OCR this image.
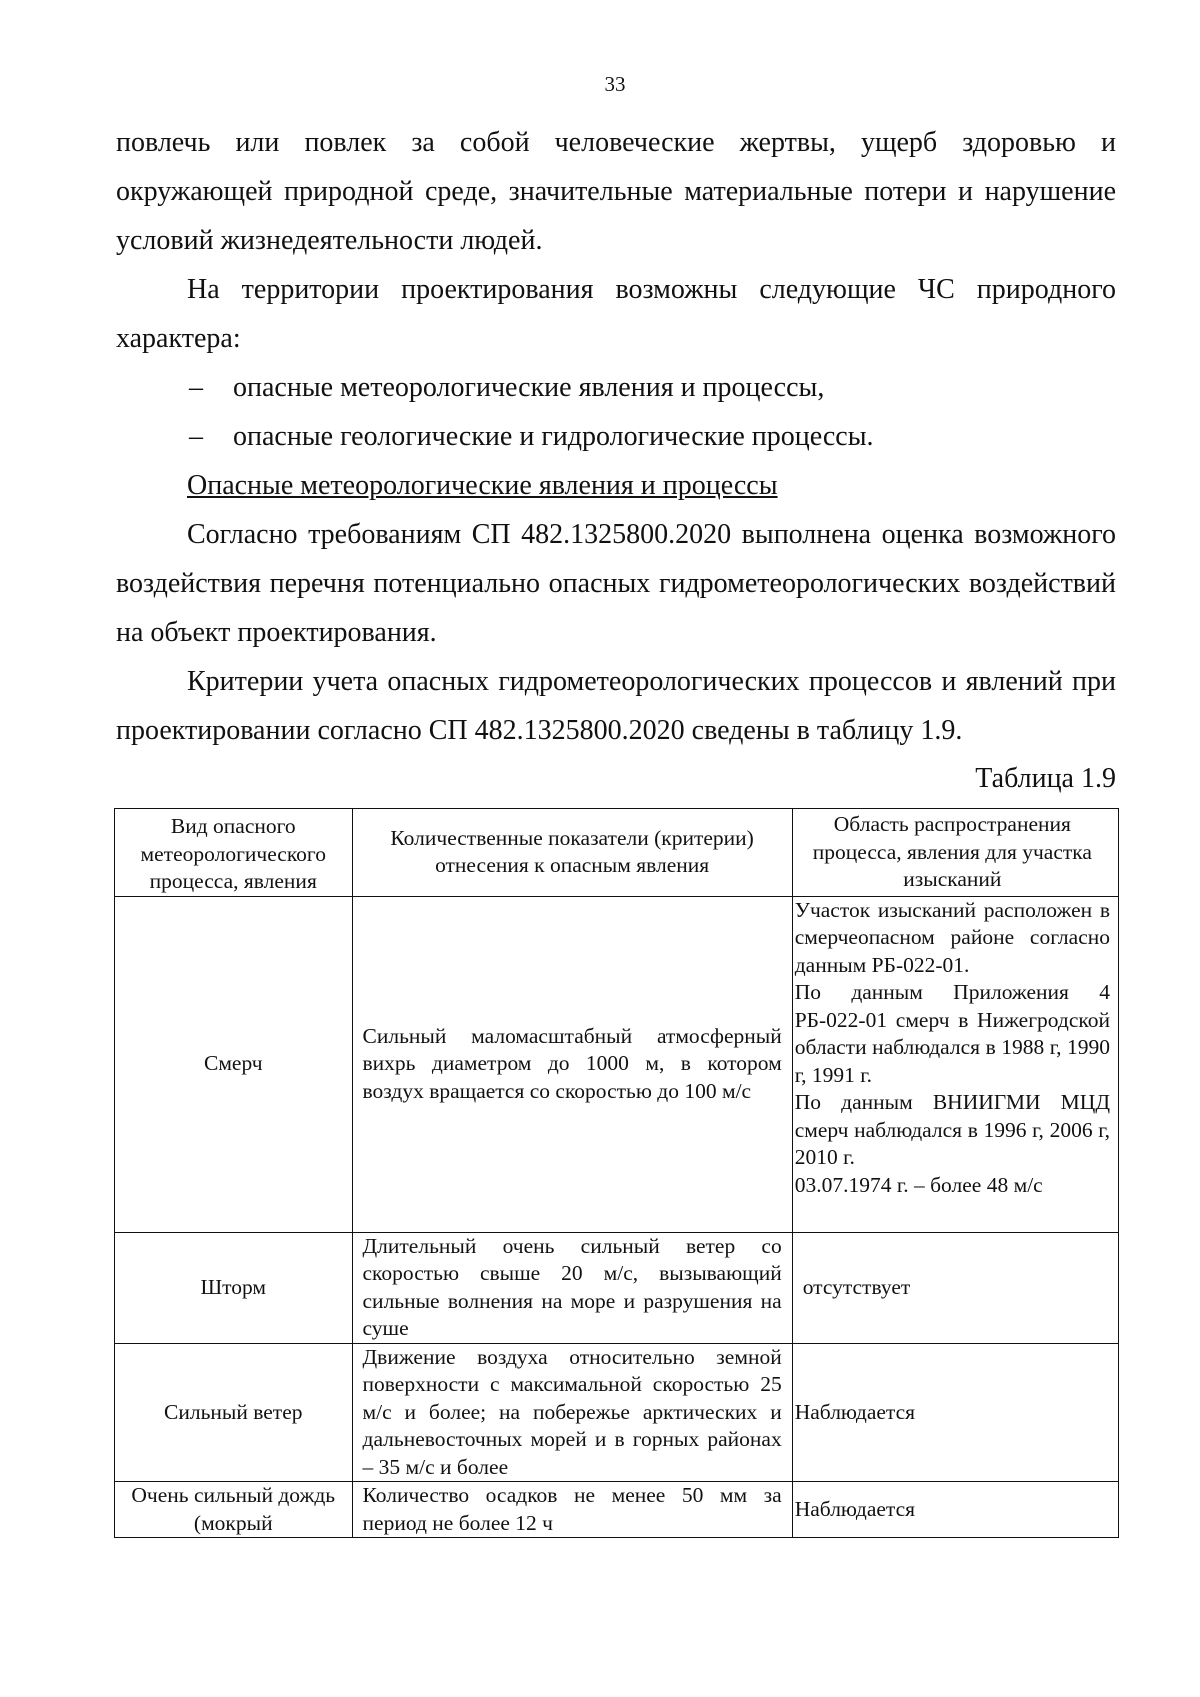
33

повлечь или повлек за собой человеческие жертвы, ущерб здоровью и окружающей природной среде, значительные материальные потери и нарушение условий жизнедеятельности людей.

На территории проектирования возможны следующие ЧС природного характера:

–	опасные метеорологические явления и процессы,
–	опасные геологические и гидрологические процессы.
Опасные метеорологические явления и процессы

Согласно требованиям СП 482.1325800.2020 выполнена оценка возможного воздействия перечня потенциально опасных гидрометеорологических воздействий на объект проектирования.

Критерии учета опасных гидрометеорологических процессов и явлений при проектировании согласно СП 482.1325800.2020 сведены в таблицу 1.9.

Таблица 1.9
Вид опасного метеорологического процесса, явления	Количественные показатели (критерии) отнесения к опасным явления	Область распространения процесса, явления для участка изысканий
Смерч	Сильный маломасштабный атмосферный вихрь диаметром до 1000 м, в котором воздух вращается со скоростью до 100 м/с	Участок изысканий расположен в смерчеопасном районе согласно данным РБ-022-01.
По данным Приложения 4 РБ-022-01 смерч в Нижегродской области наблюдался в 1988 г, 1990 г, 1991 г.
По данным ВНИИГМИ МЦД смерч наблюдался в 1996 г, 2006 г, 2010 г.
03.07.1974 г. – более 48 м/с

Шторм	Длительный очень сильный ветер со скоростью свыше 20 м/с, вызывающий сильные волнения на море и разрушения на суше	отсутствует

Сильный ветер	Движение воздуха относительно земной поверхности с максимальной скоростью 25 м/с и более; на побережье арктических и дальневосточных морей и в горных районах – 35 м/с и более	Наблюдается

Очень сильный дождь (мокрый	Количество осадков не менее 50 мм за период не более 12 ч	Наблюдается
